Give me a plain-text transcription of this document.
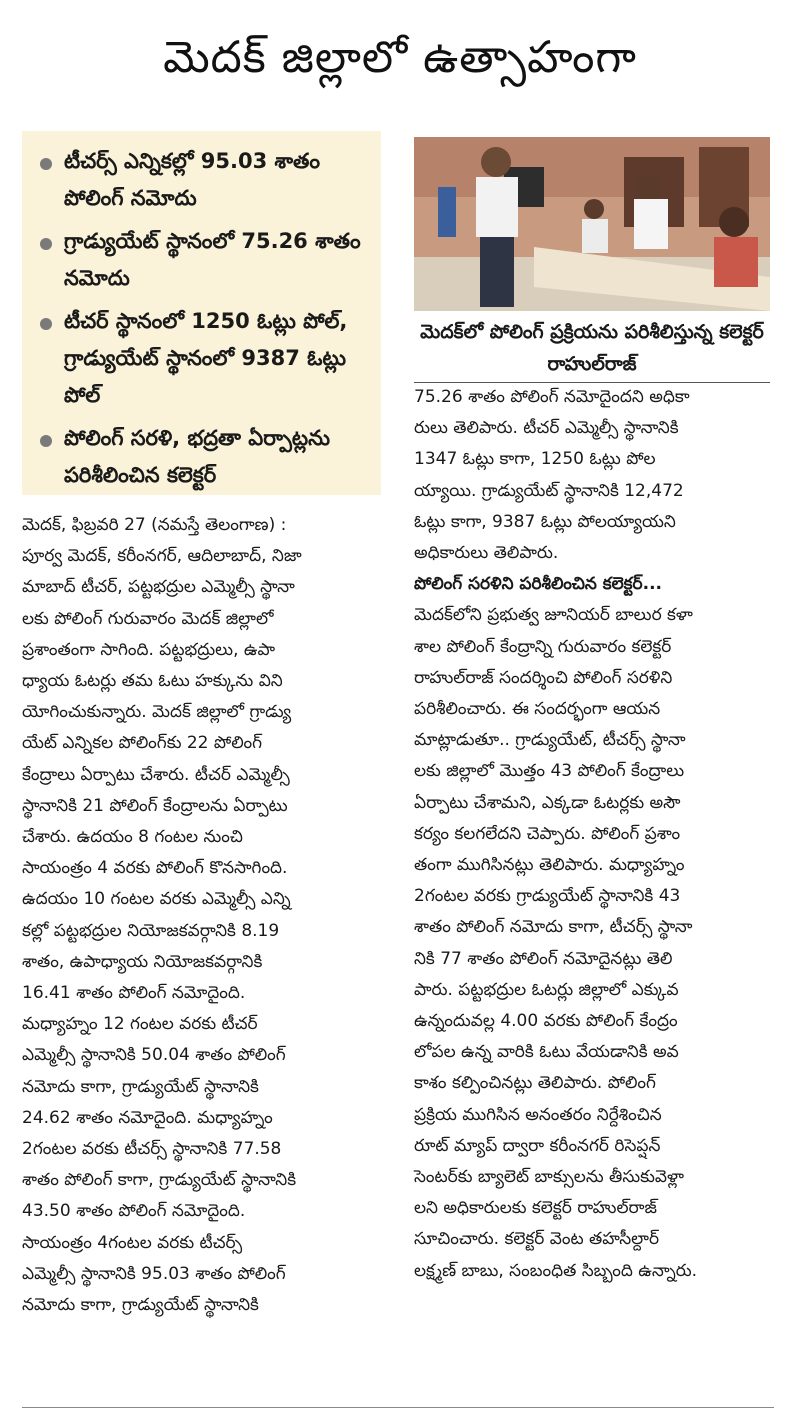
మెదక్ జిల్లాలో ఉత్సాహంగా
టీచర్స్ ఎన్నికల్లో 95.03 శాతం పోలింగ్ నమోదు
గ్రాడ్యుయేట్ స్థానంలో 75.26 శాతం నమోదు
టీచర్ స్థానంలో 1250 ఓట్లు పోల్, గ్రాడ్యుయేట్ స్థానంలో 9387 ఓట్లు పోల్
పోలింగ్ సరళి, భద్రతా ఏర్పాట్లను పరిశీలించిన కలెక్టర్
మెదక్‌లో పోలింగ్ ప్రక్రియను పరిశీలిస్తున్న కలెక్టర్ రాహుల్‌రాజ్
మెదక్, ఫిబ్రవరి 27 (నమస్తే తెలంగాణ) :
పూర్వ మెదక్, కరీంనగర్, ఆదిలాబాద్, నిజా
మాబాద్ టీచర్, పట్టభద్రుల ఎమ్మెల్సీ స్థానా
లకు పోలింగ్ గురువారం మెదక్ జిల్లాలో
ప్రశాంతంగా సాగింది. పట్టభద్రులు, ఉపా
ధ్యాయ ఓటర్లు తమ ఓటు హక్కును విని
యోగించుకున్నారు. మెదక్ జిల్లాలో గ్రాడ్యు
యేట్ ఎన్నికల పోలింగ్‌కు 22 పోలింగ్
కేంద్రాలు ఏర్పాటు చేశారు. టీచర్ ఎమ్మెల్సీ
స్థానానికి 21 పోలింగ్ కేంద్రాలను ఏర్పాటు
చేశారు. ఉదయం 8 గంటల నుంచి
సాయంత్రం 4 వరకు పోలింగ్ కొనసాగింది.
ఉదయం 10 గంటల వరకు ఎమ్మెల్సీ ఎన్ని
కల్లో పట్టభద్రుల నియోజకవర్గానికి 8.19
శాతం, ఉపాధ్యాయ నియోజకవర్గానికి
16.41 శాతం పోలింగ్ నమోదైంది.
మధ్యాహ్నం 12 గంటల వరకు టీచర్
ఎమ్మెల్సీ స్థానానికి 50.04 శాతం పోలింగ్
నమోదు కాగా, గ్రాడ్యుయేట్ స్థానానికి
24.62 శాతం నమోదైంది. మధ్యాహ్నం
2గంటల వరకు టీచర్స్ స్థానానికి 77.58
శాతం పోలింగ్ కాగా, గ్రాడ్యుయేట్ స్థానానికి
43.50 శాతం పోలింగ్ నమోదైంది.
సాయంత్రం 4గంటల వరకు టీచర్స్
ఎమ్మెల్సీ స్థానానికి 95.03 శాతం పోలింగ్
నమోదు కాగా, గ్రాడ్యుయేట్ స్థానానికి
75.26 శాతం పోలింగ్ నమోదైందని అధికా
రులు తెలిపారు. టీచర్ ఎమ్మెల్సీ స్థానానికి
1347 ఓట్లు కాగా, 1250 ఓట్లు పోల
య్యాయి. గ్రాడ్యుయేట్ స్థానానికి 12,472
ఓట్లు కాగా, 9387 ఓట్లు పోలయ్యాయని
అధికారులు తెలిపారు.
పోలింగ్ సరళిని పరిశీలించిన కలెక్టర్...
మెదక్‌లోని ప్రభుత్వ జూనియర్ బాలుర కళా
శాల పోలింగ్ కేంద్రాన్ని గురువారం కలెక్టర్
రాహుల్‌రాజ్ సందర్శించి పోలింగ్ సరళిని
పరిశీలించారు. ఈ సందర్భంగా ఆయన
మాట్లాడుతూ.. గ్రాడ్యుయేట్, టీచర్స్ స్థానా
లకు జిల్లాలో మొత్తం 43 పోలింగ్ కేంద్రాలు
ఏర్పాటు చేశామని, ఎక్కడా ఓటర్లకు అసౌ
కర్యం కలగలేదని చెప్పారు. పోలింగ్ ప్రశాం
తంగా ముగిసినట్లు తెలిపారు. మధ్యాహ్నం
2గంటల వరకు గ్రాడ్యుయేట్ స్థానానికి 43
శాతం పోలింగ్ నమోదు కాగా, టీచర్స్ స్థానా
నికి 77 శాతం పోలింగ్ నమోదైనట్లు తెలి
పారు. పట్టభద్రుల ఓటర్లు జిల్లాలో ఎక్కువ
ఉన్నందువల్ల 4.00 వరకు పోలింగ్ కేంద్రం
లోపల ఉన్న వారికి ఓటు వేయడానికి అవ
కాశం కల్పించినట్లు తెలిపారు. పోలింగ్
ప్రక్రియ ముగిసిన అనంతరం నిర్దేశించిన
రూట్ మ్యాప్ ద్వారా కరీంనగర్ రిసెప్షన్
సెంటర్‌కు బ్యాలెట్ బాక్సులను తీసుకువెళ్లా
లని అధికారులకు కలెక్టర్ రాహుల్‌రాజ్
సూచించారు. కలెక్టర్ వెంట తహసీల్దార్
లక్ష్మణ్ బాబు, సంబంధిత సిబ్బంది ఉన్నారు.
